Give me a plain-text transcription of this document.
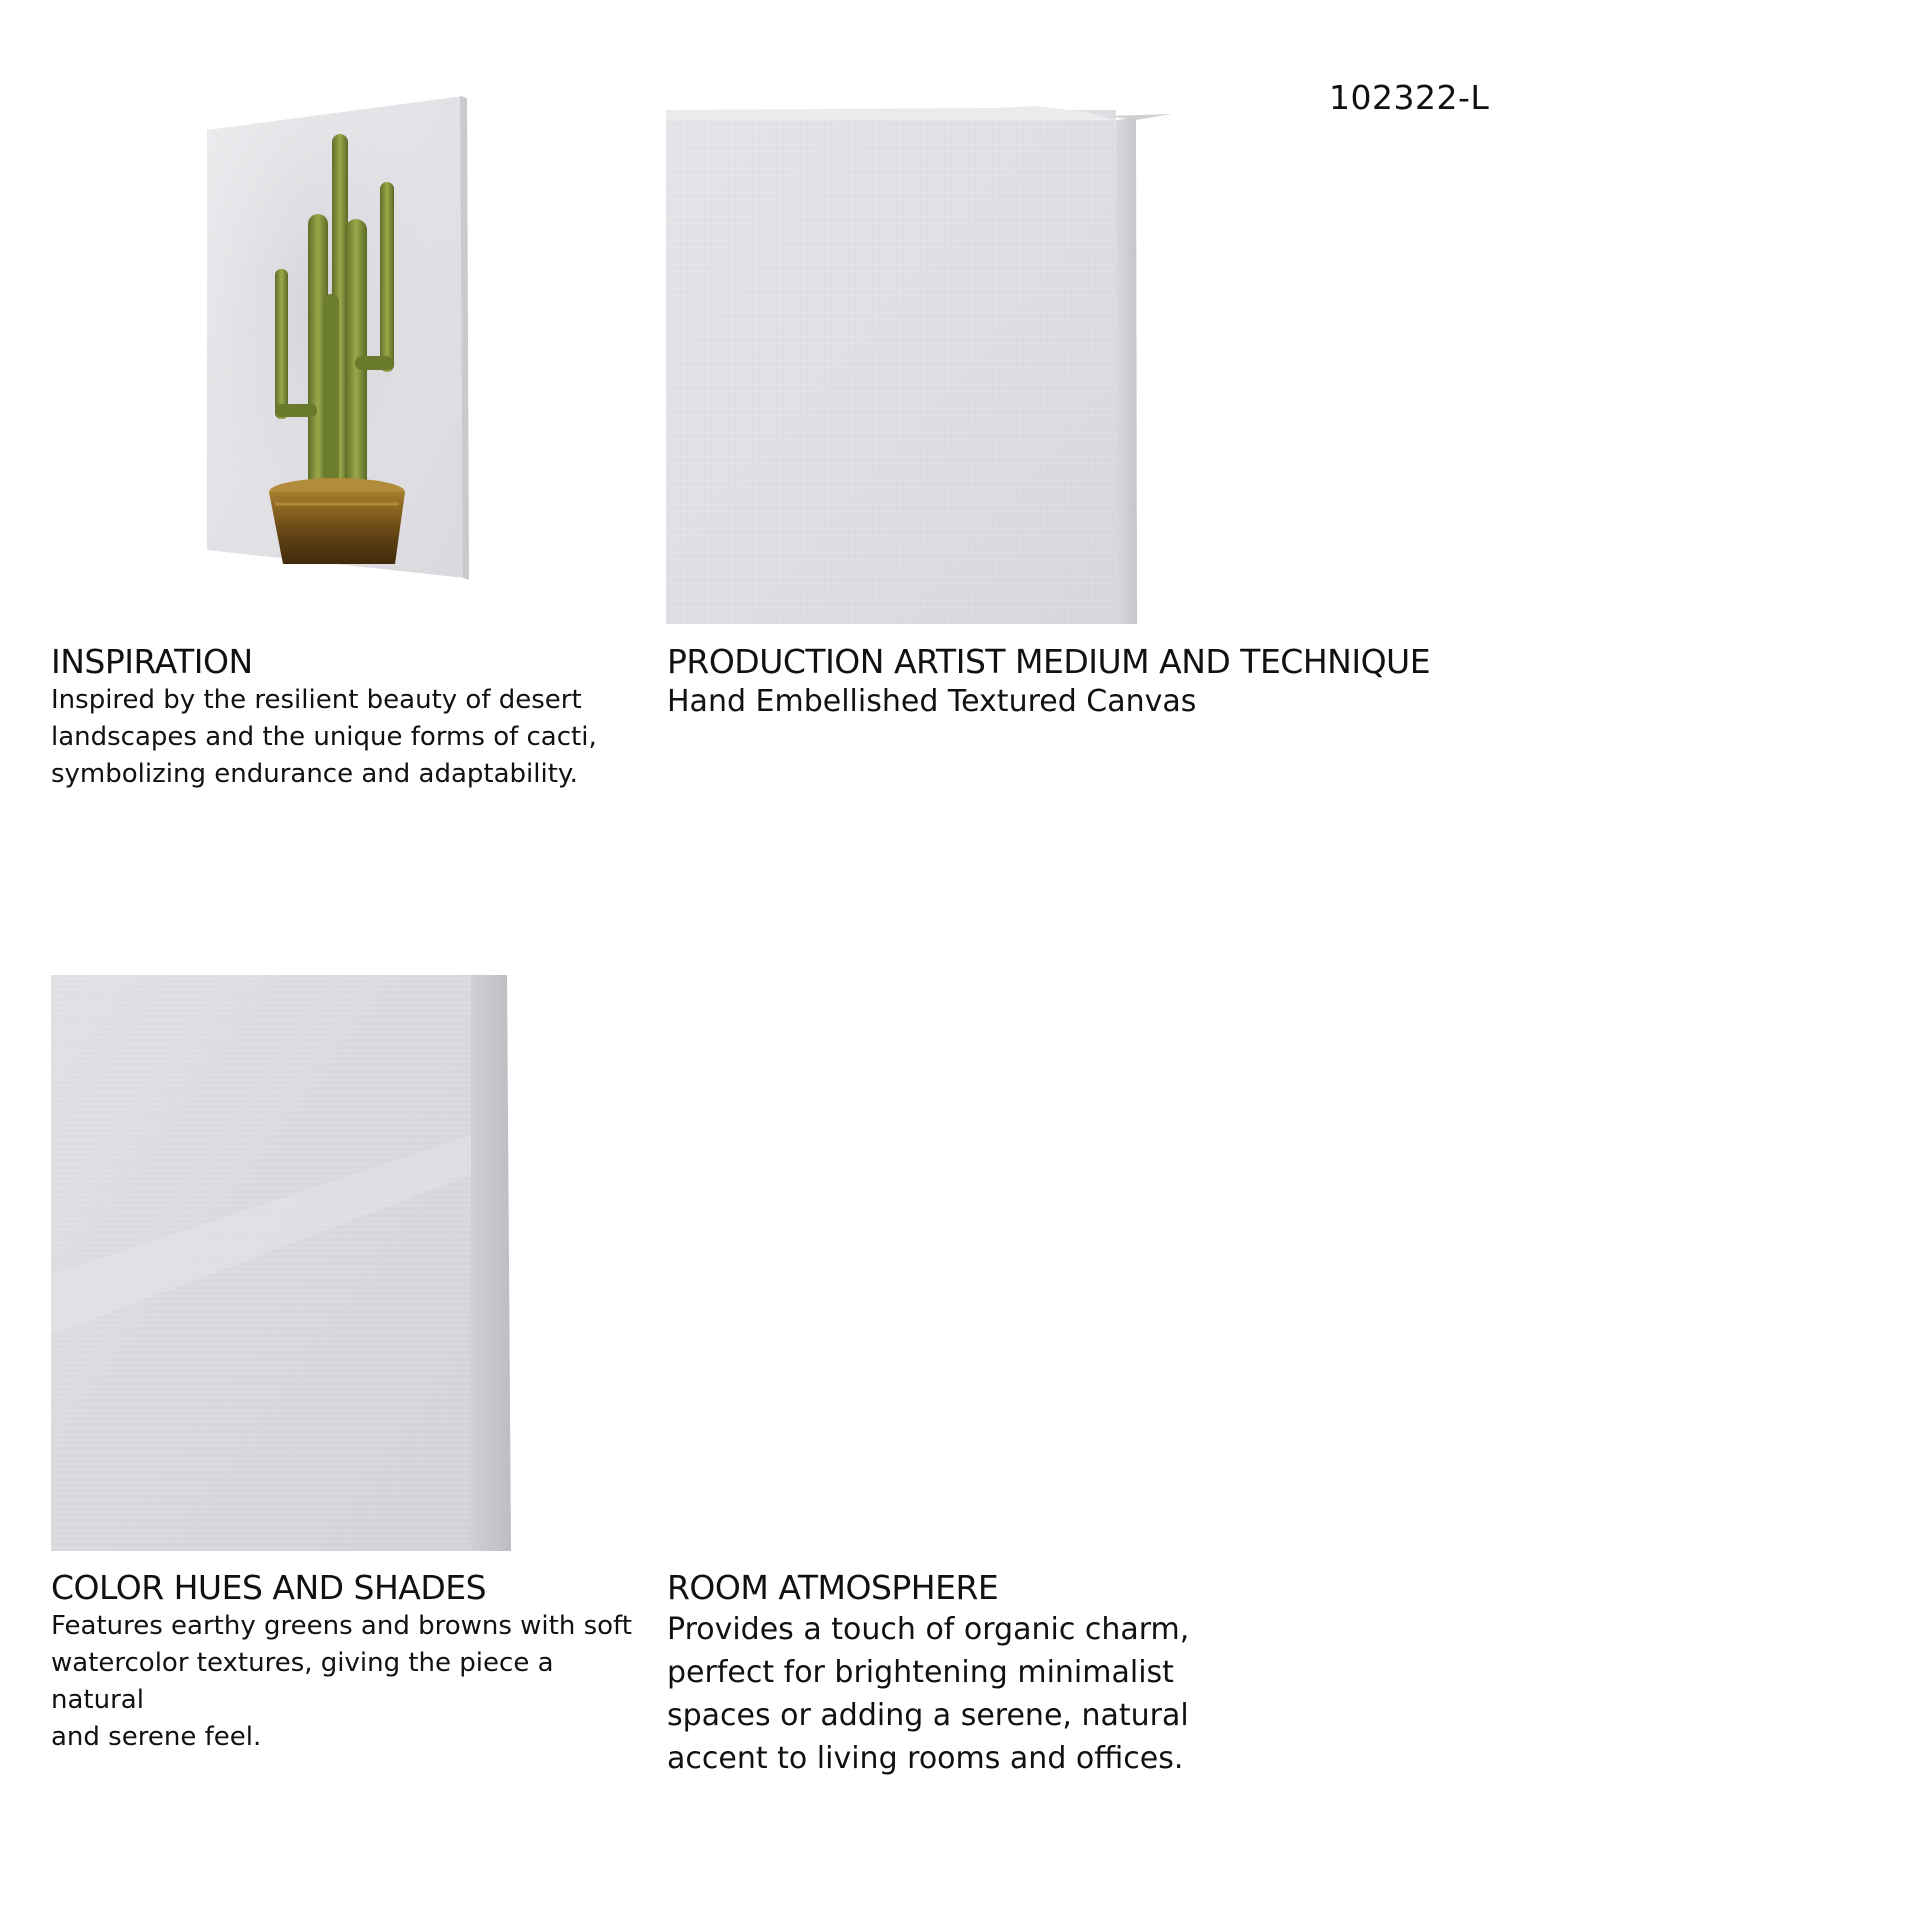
102322-L
INSPIRATION

Inspired by the resilient beauty of desert
landscapes and the unique forms of cacti,
symbolizing endurance and adaptability.

PRODUCTION ARTIST MEDIUM AND TECHNIQUE

Hand Embellished Textured Canvas

COLOR HUES AND SHADES

Features earthy greens and browns with soft
watercolor textures, giving the piece a natural
and serene feel.

ROOM ATMOSPHERE

Provides a touch of organic charm,
perfect for brightening minimalist
spaces or adding a serene, natural
accent to living rooms and offices.
